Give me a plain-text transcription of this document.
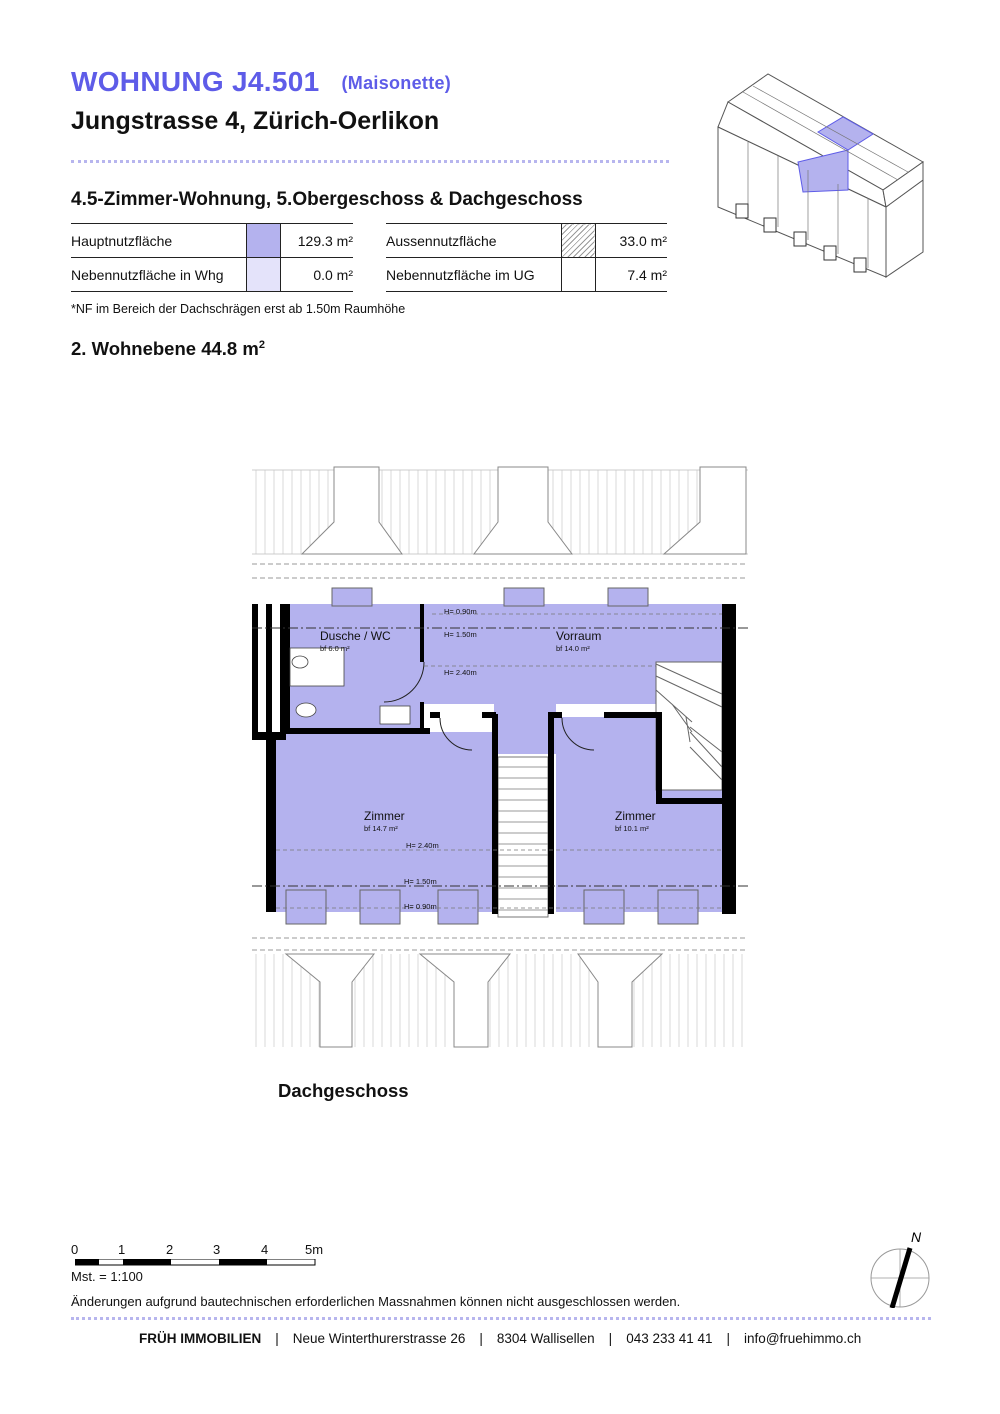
WOHNUNG J4.501 (Maisonette)
Jungstrasse 4, Zürich-Oerlikon
4.5-Zimmer-Wohnung, 5.Obergeschoss & Dachgeschoss
Hauptnutzfläche		129.3 m²		Aussennutzfläche		33.0 m²
Nebennutzfläche in Whg		0.0 m²		Nebennutzfläche im UG		7.4 m²
*NF im Bereich der Dachschrägen erst ab 1.50m Raumhöhe
2. Wohnebene 44.8 $m^2$
Dusche / WC
bf 6.0 m²
Vorraum
bf 14.0 m²
Zimmer
bf 14.7 m²
Zimmer
bf 10.1 m²
H= 0.90m
H= 1.50m
H= 2.40m
H= 2.40m
H= 1.50m
H= 0.90m
Dachgeschoss
0	1	2	3	4	5m
Mst. = 1:100
Änderungen aufgrund bautechnischen erforderlichen Massnahmen können nicht ausgeschlossen werden.
N
FRÜH IMMOBILIEN | Neue Winterthurerstrasse 26 | 8304 Wallisellen | 043 233 41 41 | info@fruehimmo.ch
